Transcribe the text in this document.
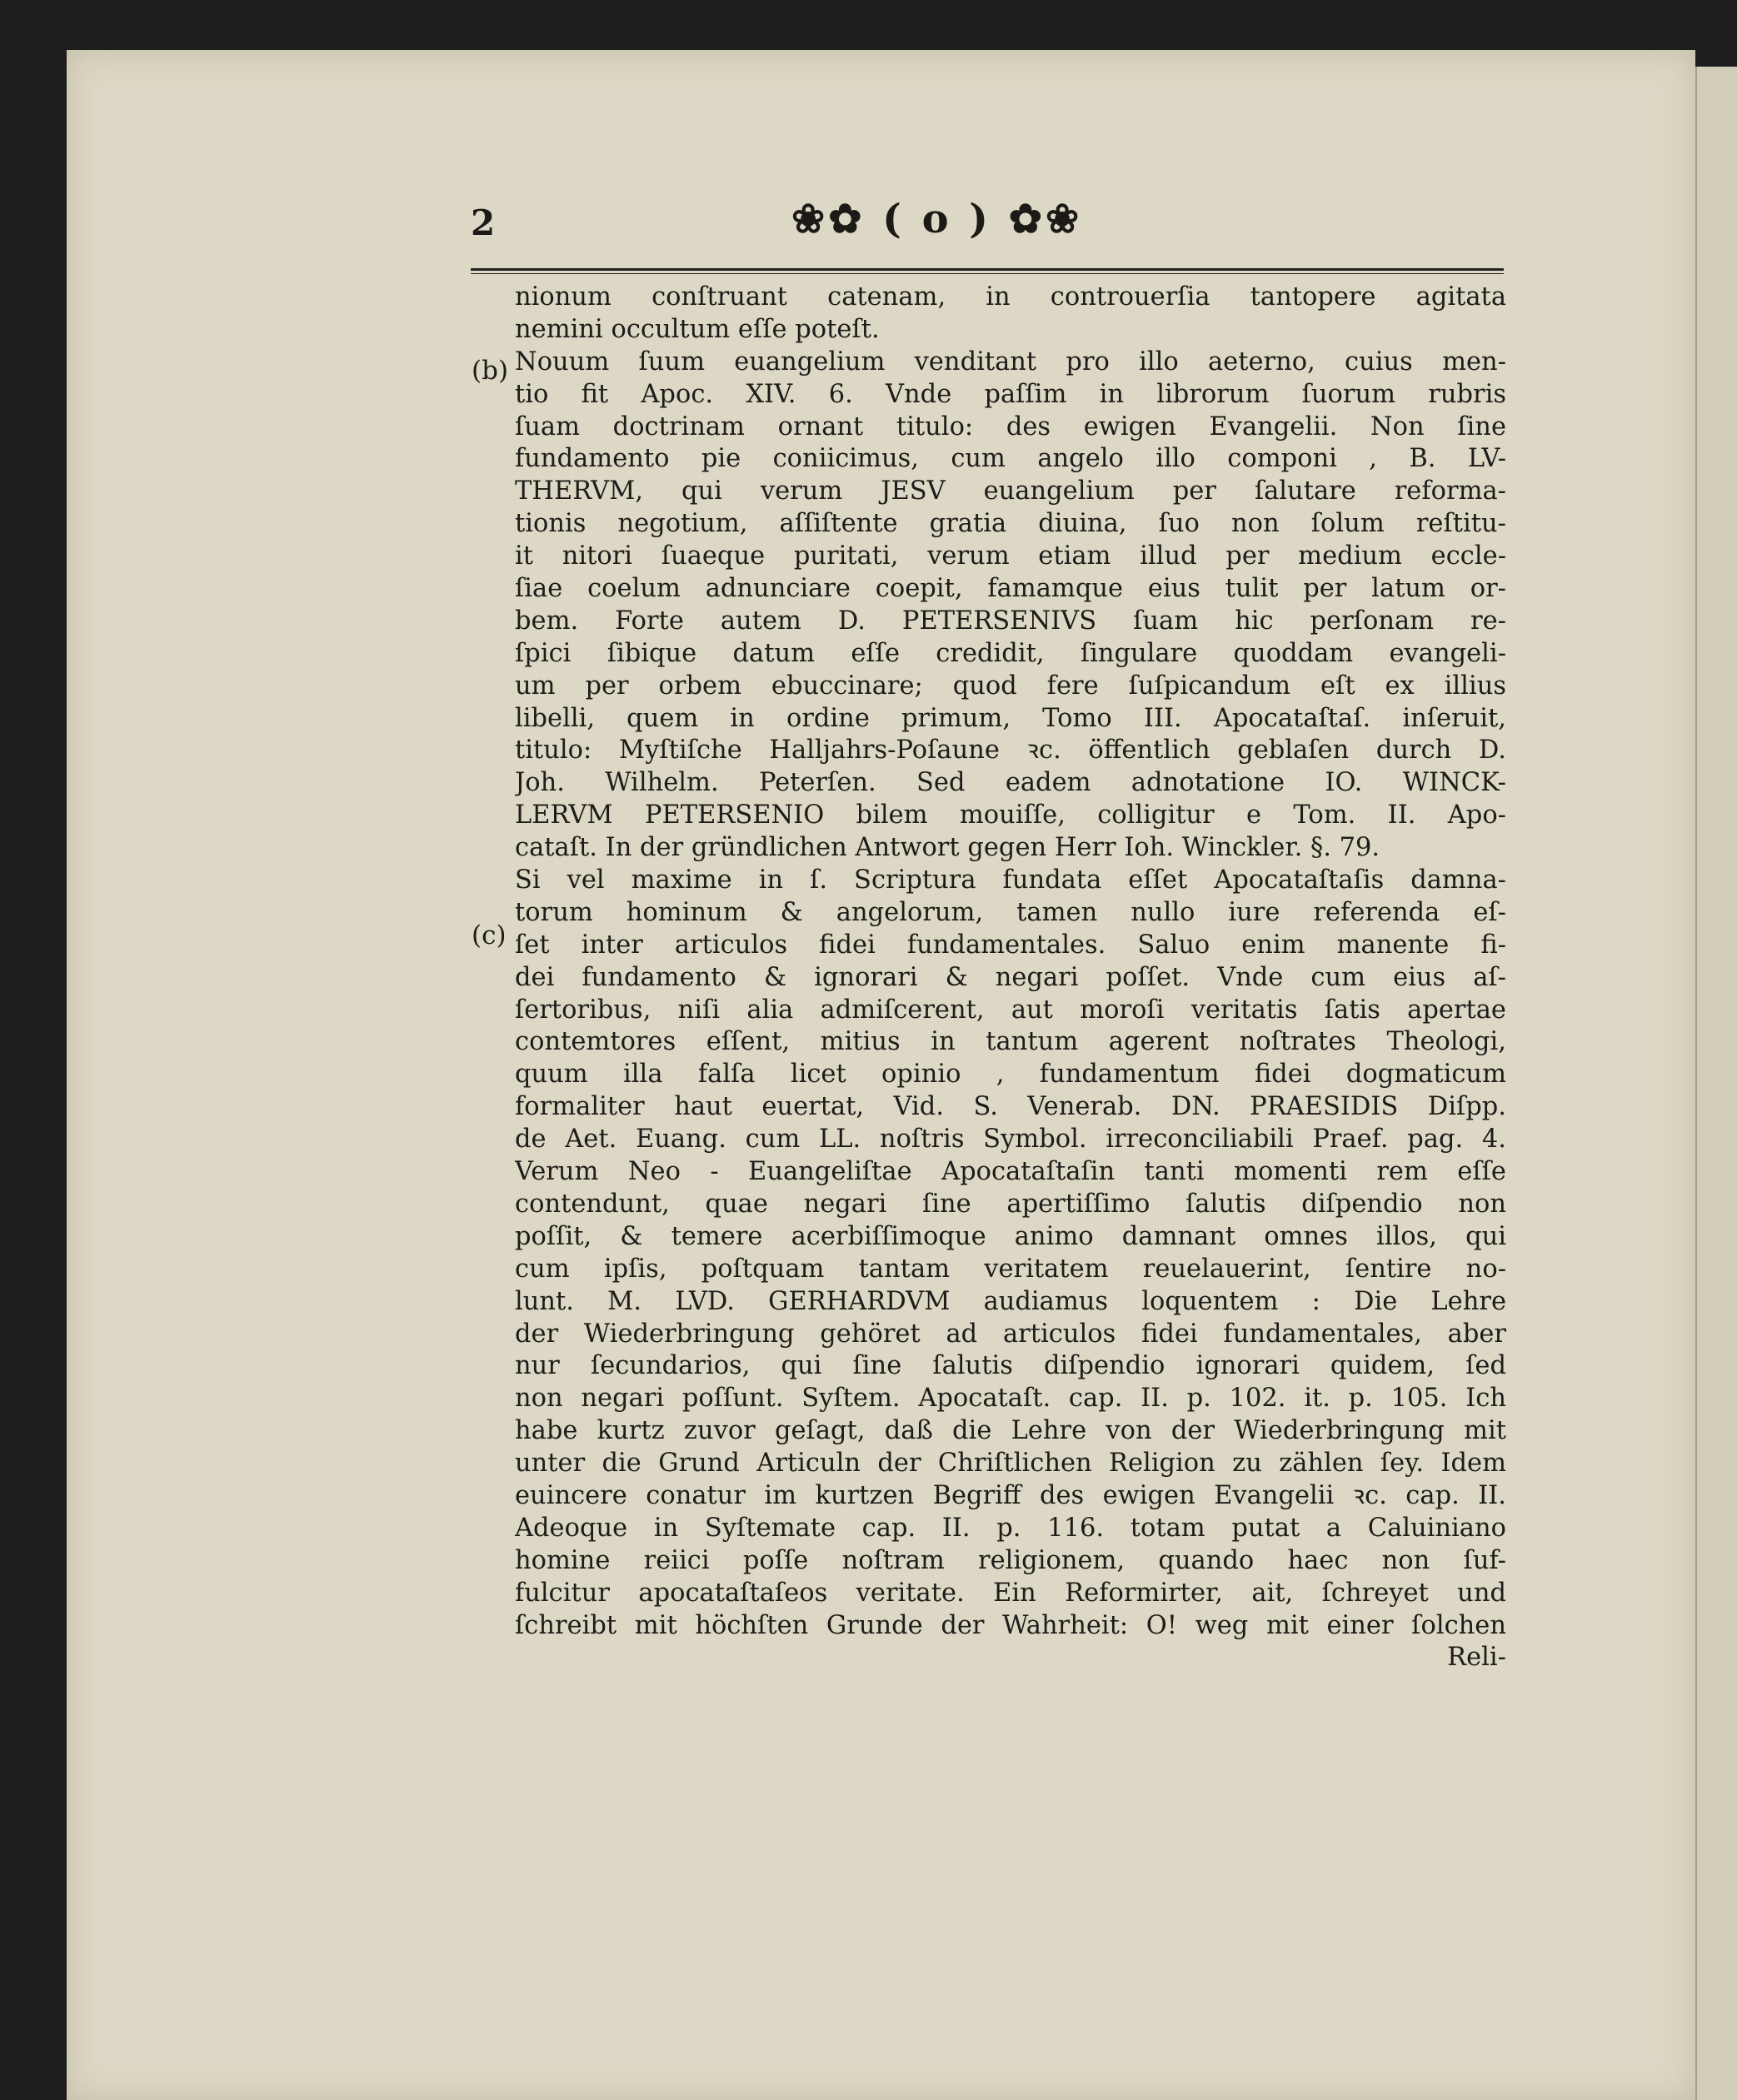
2	❀✿ ( o ) ✿❀
(b)
(c)
nionum conſtruant catenam, in controuerſia tantopere agitata
nemini occultum eſſe poteſt.
Nouum ſuum euangelium venditant pro illo aeterno, cuius men-
tio fit Apoc. XIV. 6. Vnde paſſim in librorum ſuorum rubris
ſuam doctrinam ornant titulo: des ewigen Evangelii. Non ſine
fundamento pie coniicimus, cum angelo illo componi , B. LV-
THERVM, qui verum JESV euangelium per ſalutare reforma-
tionis negotium, aſſiſtente gratia diuina, ſuo non ſolum reſtitu-
it nitori ſuaeque puritati, verum etiam illud per medium eccle-
ſiae coelum adnunciare coepit, famamque eius tulit per latum or-
bem. Forte autem D. PETERSENIVS ſuam hic perſonam re-
ſpici ſibique datum eſſe credidit, ſingulare quoddam evangeli-
um per orbem ebuccinare; quod fere ſuſpicandum eſt ex illius
libelli, quem in ordine primum, Tomo III. Apocataſtaſ. inſeruit,
titulo: Myſtiſche Halljahrs-Poſaune ꝛc. öffentlich geblaſen durch D.
Joh. Wilhelm. Peterſen. Sed eadem adnotatione IO. WINCK-
LERVM PETERSENIO bilem mouiſſe, colligitur e Tom. II. Apo-
cataſt. In der gründlichen Antwort gegen Herr Ioh. Winckler. §. 79.
Si vel maxime in ſ. Scriptura fundata eſſet Apocataſtaſis damna-
torum hominum & angelorum, tamen nullo iure referenda eſ-
ſet inter articulos fidei fundamentales. Saluo enim manente fi-
dei fundamento & ignorari & negari poſſet. Vnde cum eius aſ-
ſertoribus, niſi alia admiſcerent, aut moroſi veritatis ſatis apertae
contemtores eſſent, mitius in tantum agerent noſtrates Theologi,
quum illa falſa licet opinio , fundamentum fidei dogmaticum
formaliter haut euertat, Vid. S. Venerab. DN. PRAESIDIS Diſpp.
de Aet. Euang. cum LL. noſtris Symbol. irreconciliabili Praef. pag. 4.
Verum Neo - Euangeliſtae Apocataſtaſin tanti momenti rem eſſe
contendunt, quae negari ſine apertiſſimo ſalutis diſpendio non
poſſit, & temere acerbiſſimoque animo damnant omnes illos, qui
cum ipſis, poſtquam tantam veritatem reuelauerint, ſentire no-
lunt. M. LVD. GERHARDVM audiamus loquentem : Die Lehre
der Wiederbringung gehöret ad articulos fidei fundamentales, aber
nur ſecundarios, qui ſine ſalutis diſpendio ignorari quidem, ſed
non negari poſſunt. Syſtem. Apocataſt. cap. II. p. 102. it. p. 105. Ich
habe kurtz zuvor geſagt, daß die Lehre von der Wiederbringung mit
unter die Grund Articuln der Chriſtlichen Religion zu zählen ſey. Idem
euincere conatur im kurtzen Begriff des ewigen Evangelii ꝛc. cap. II.
Adeoque in Syſtemate cap. II. p. 116. totam putat a Caluiniano
homine reiici poſſe noſtram religionem, quando haec non ſuf-
fulcitur apocataſtaſeos veritate. Ein Reformirter, ait, ſchreyet und
ſchreibt mit höchſten Grunde der Wahrheit: O! weg mit einer ſolchen
Reli-
